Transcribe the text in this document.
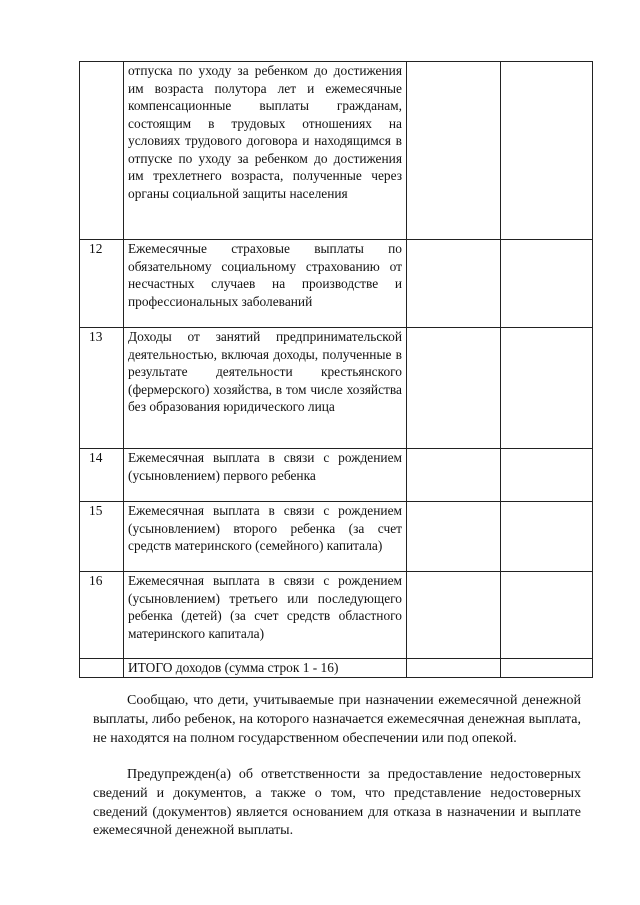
	отпуска по уходу за ребенком до достижения им возраста полутора лет и ежемесячные компенсационные выплаты гражданам, состоящим в трудовых отношениях на условиях трудового договора и находящимся в отпуске по уходу за ребенком до достижения им трехлетнего возраста, полученные через органы социальной защиты населения		

12	Ежемесячные страховые выплаты по обязательному социальному страхованию от несчастных случаев на производстве и профессиональных заболеваний		

13	Доходы от занятий предпринимательской деятельностью, включая доходы, полученные в результате деятельности крестьянского (фермерского) хозяйства, в том числе хозяйства без образования юридического лица		

14	Ежемесячная выплата в связи с рождением (усыновлением) первого ребенка		

15	Ежемесячная выплата в связи с рождением (усыновлением) второго ребенка (за счет средств материнского (семейного) капитала)		

16	Ежемесячная выплата в связи с рождением (усыновлением) третьего или последующего ребенка (детей) (за счет средств областного материнского капитала)		

	ИТОГО доходов (сумма строк 1 - 16)		

Сообщаю, что дети, учитываемые при назначении ежемесячной денежной выплаты, либо ребенок, на которого назначается ежемесячная денежная выплата, не находятся на полном государственном обеспечении или под опекой.

Предупрежден(а) об ответственности за предоставление недостоверных сведений и документов, а также о том, что представление недостоверных сведений (документов) является основанием для отказа в назначении и выплате ежемесячной денежной выплаты.
